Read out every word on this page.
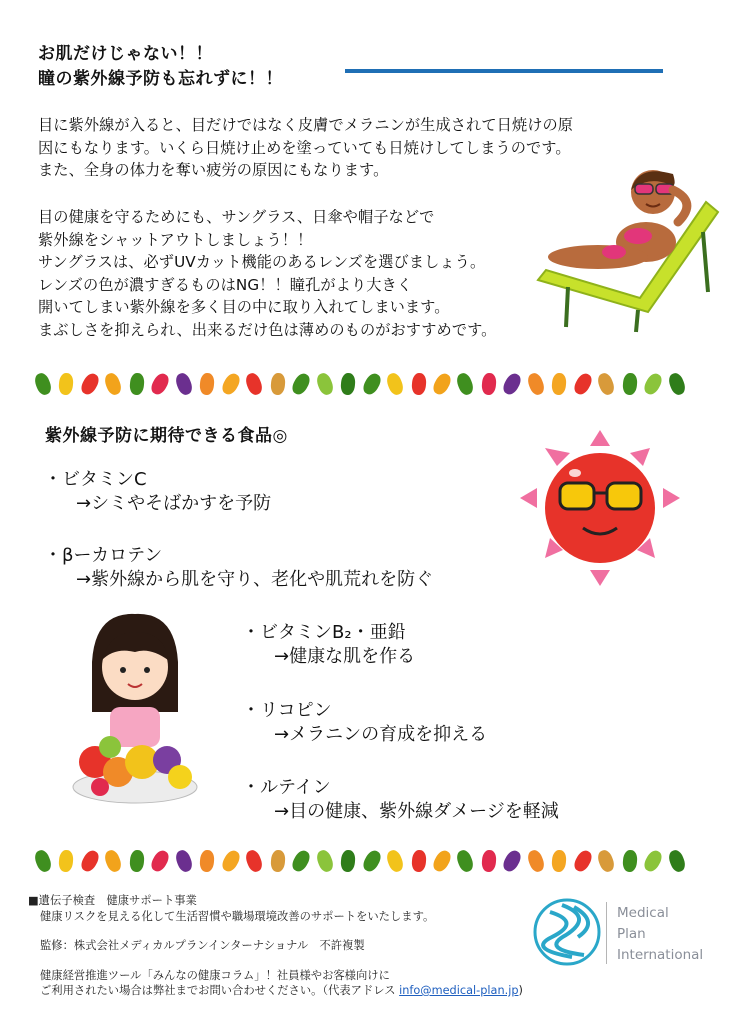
お肌だけじゃない！！
瞳の紫外線予防も忘れずに！！
目に紫外線が入ると、目だけではなく皮膚でメラニンが生成されて日焼けの原
因にもなります。いくら日焼け止めを塗っていても日焼けしてしまうのです。
また、全身の体力を奪い疲労の原因にもなります。
目の健康を守るためにも、サングラス、日傘や帽子などで
紫外線をシャットアウトしましょう！！
サングラスは、必ずUVカット機能のあるレンズを選びましょう。
レンズの色が濃すぎるものはNG！！瞳孔がより大きく
開いてしまい紫外線を多く目の中に取り入れてしまいます。
まぶしさを抑えられ、出来るだけ色は薄めのものがおすすめです。
紫外線予防に期待できる食品◎
・ビタミンC
→シミやそばかすを予防
・βーカロテン
→紫外線から肌を守り、老化や肌荒れを防ぐ
・ビタミンB₂・亜鉛
→健康な肌を作る
・リコピン
→メラニンの育成を抑える
・ルテイン
→目の健康、紫外線ダメージを軽減
■遺伝子検査　健康サポート事業
健康リスクを見える化して生活習慣や職場環境改善のサポートをいたします。
監修：株式会社メディカルプランインターナショナル　不許複製
健康経営推進ツール「みんなの健康コラム」！社員様やお客様向けに
ご利用されたい場合は弊社までお問い合わせください。（代表アドレス info@medical-plan.jp)
Medical
Plan
International
